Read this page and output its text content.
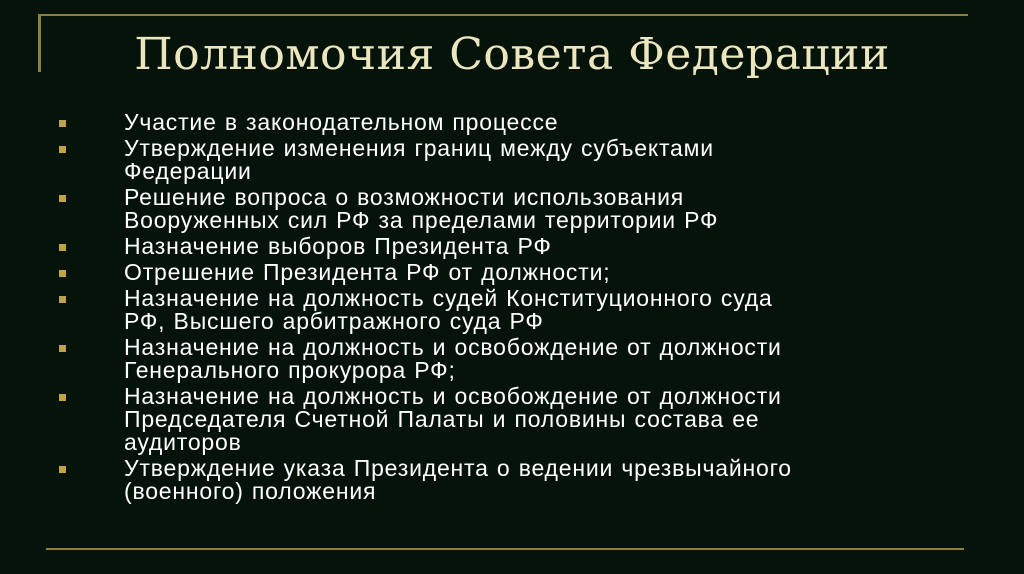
Полномочия Совета Федерации
Участие в законодательном процессе
Утверждение изменения границ между субъектами
Федерации
Решение вопроса о возможности использования
Вооруженных сил РФ за пределами территории РФ
Назначение выборов Президента РФ
Отрешение Президента РФ от должности;
Назначение на должность судей Конституционного суда
РФ, Высшего арбитражного суда РФ
Назначение на должность и освобождение от должности
Генерального прокурора РФ;
Назначение на должность и освобождение от должности
Председателя Счетной Палаты и половины состава ее
аудиторов
Утверждение указа Президента о ведении чрезвычайного
(военного) положения
